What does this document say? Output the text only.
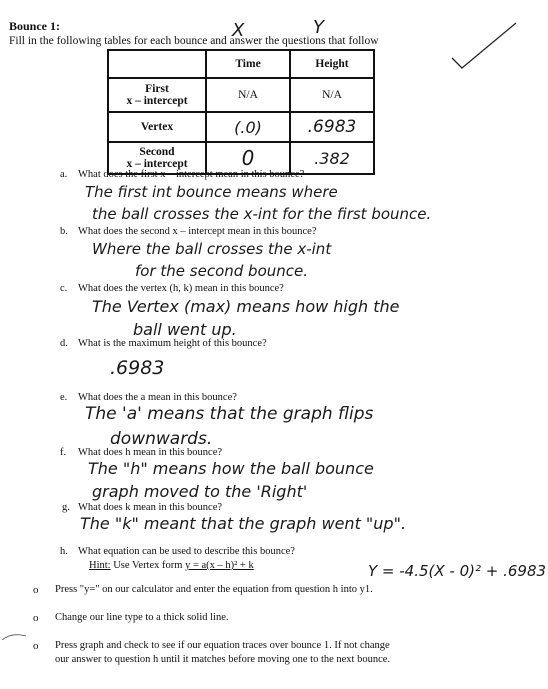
Bounce 1:
Fill in the following tables for each bounce and answer the questions that follow
X	Y
	Time	Height

First
x – intercept	N/A	N/A

Vertex	(.0)	.6983

Second
x – intercept	0	.382
a. What does the first x – intercept mean in this bounce?
The first int bounce means where
the ball crosses the x-int for the first bounce.
b. What does the second x – intercept mean in this bounce?
Where the ball crosses the x-int
for the second bounce.
c. What does the vertex (h, k) mean in this bounce?
The Vertex (max) means how high the
ball went up.
d. What is the maximum height of this bounce?
.6983
e. What does the a mean in this bounce?
The 'a' means that the graph flips
downwards.
f. What does h mean in this bounce?
The "h" means how the ball bounce
graph moved to the 'Right'
g. What does k mean in this bounce?
The "k" meant that the graph went "up".
h. What equation can be used to describe this bounce?
Hint: Use Vertex form y = a(x – h)² + k	Y = -4.5(X - 0)² + .6983
o Press "y=" on our calculator and enter the equation from question h into y1.
o Change our line type to a thick solid line.
o Press graph and check to see if our equation traces over bounce 1. If not change
our answer to question h until it matches before moving one to the next bounce.
